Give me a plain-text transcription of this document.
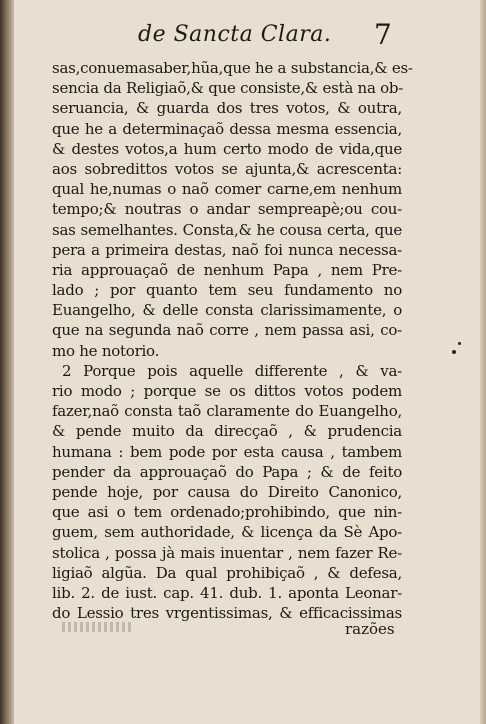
de Sancta Clara. 7
sas,conuemasaber,hũa,que he a substancia,& es-
sencia da Religiaõ,& que consiste,& està na ob-
seruancia, & guarda dos tres votos, & outra,
que he a determinaçaõ dessa mesma essencia,
& destes votos,a hum certo modo de vida,que
aos sobredittos votos se ajunta,& acrescenta:
qual he,numas o naõ comer carne,em nenhum
tempo;& noutras o andar sempreapè;ou cou-
sas semelhantes. Consta,& he cousa certa, que
pera a primeira destas, naõ foi nunca necessa-
ria approuaçaõ de nenhum Papa , nem Pre-
lado ; por quanto tem seu fundamento no
Euangelho, & delle consta clarissimamente, o
que na segunda naõ corre , nem passa asi, co-
mo he notorio.
2 Porque pois aquelle differente , & va-
rio modo ; porque se os dittos votos podem
fazer,naõ consta taõ claramente do Euangelho,
& pende muito da direcçaõ , & prudencia
humana : bem pode por esta causa , tambem
pender da approuaçaõ do Papa ; & de feito
pende hoje, por causa do Direito Canonico,
que asi o tem ordenado;prohibindo, que nin-
guem, sem authoridade, & licença da Sè Apo-
stolica , possa jà mais inuentar , nem fazer Re-
ligiaõ algũa. Da qual prohibiçaõ , & defesa,
lib. 2. de iust. cap. 41. dub. 1. aponta Leonar-
do Lessio tres vrgentissimas, & efficacissimas
razões
